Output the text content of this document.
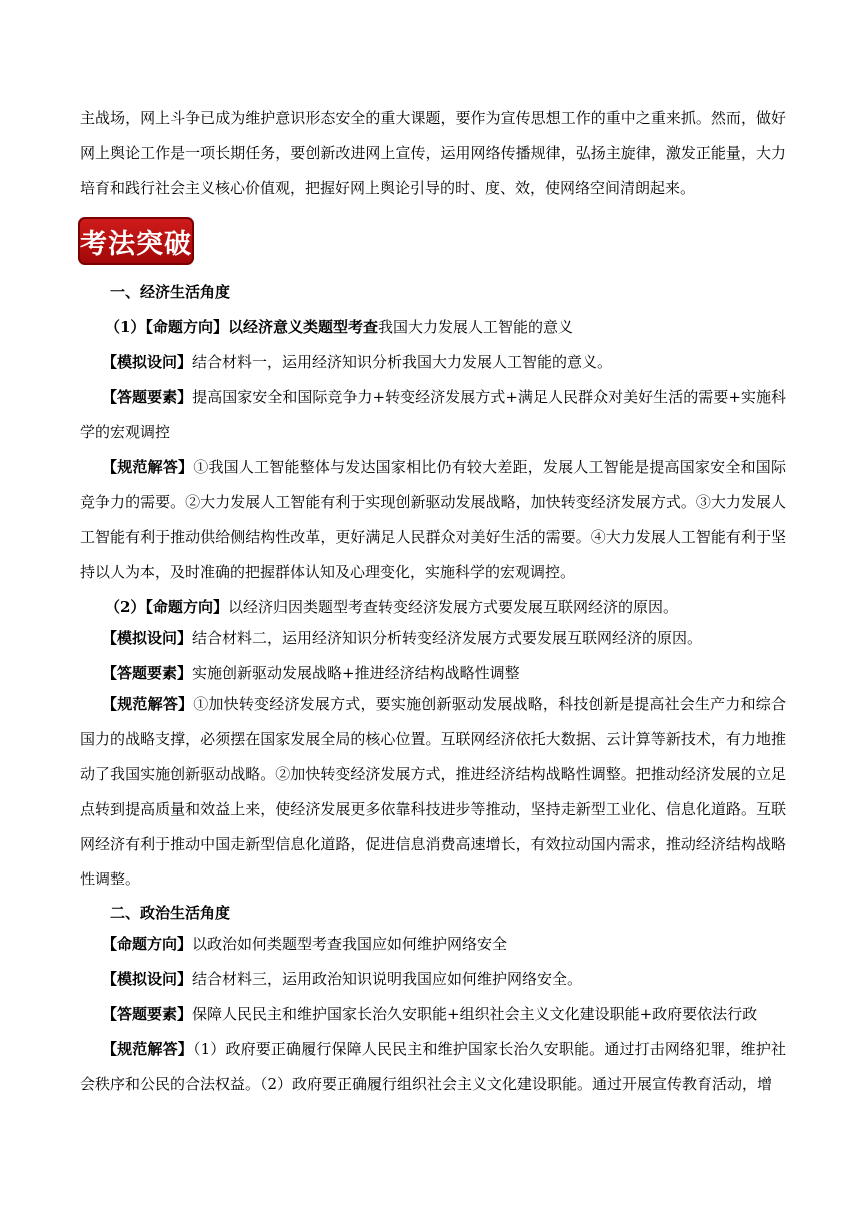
主战场，网上斗争已成为维护意识形态安全的重大课题，要作为宣传思想工作的重中之重来抓。然而，做好网上舆论工作是一项长期任务，要创新改进网上宣传，运用网络传播规律，弘扬主旋律，激发正能量，大力培育和践行社会主义核心价值观，把握好网上舆论引导的时、度、效，使网络空间清朗起来。

考法突破

一、经济生活角度

（1）【命题方向】以经济意义类题型考查我国大力发展人工智能的意义

【模拟设问】结合材料一，运用经济知识分析我国大力发展人工智能的意义。

【答题要素】提高国家安全和国际竞争力+转变经济发展方式+满足人民群众对美好生活的需要+实施科学的宏观调控

【规范解答】①我国人工智能整体与发达国家相比仍有较大差距，发展人工智能是提高国家安全和国际竞争力的需要。②大力发展人工智能有利于实现创新驱动发展战略，加快转变经济发展方式。③大力发展人工智能有利于推动供给侧结构性改革，更好满足人民群众对美好生活的需要。④大力发展人工智能有利于坚持以人为本，及时准确的把握群体认知及心理变化，实施科学的宏观调控。

（2）【命题方向】以经济归因类题型考查转变经济发展方式要发展互联网经济的原因。

【模拟设问】结合材料二，运用经济知识分析转变经济发展方式要发展互联网经济的原因。

【答题要素】实施创新驱动发展战略+推进经济结构战略性调整

【规范解答】①加快转变经济发展方式，要实施创新驱动发展战略，科技创新是提高社会生产力和综合国力的战略支撑，必须摆在国家发展全局的核心位置。互联网经济依托大数据、云计算等新技术，有力地推动了我国实施创新驱动战略。②加快转变经济发展方式，推进经济结构战略性调整。把推动经济发展的立足点转到提高质量和效益上来，使经济发展更多依靠科技进步等推动，坚持走新型工业化、信息化道路。互联网经济有利于推动中国走新型信息化道路，促进信息消费高速增长，有效拉动国内需求，推动经济结构战略性调整。

二、政治生活角度

【命题方向】以政治如何类题型考查我国应如何维护网络安全

【模拟设问】结合材料三，运用政治知识说明我国应如何维护网络安全。

【答题要素】保障人民民主和维护国家长治久安职能+组织社会主义文化建设职能+政府要依法行政

【规范解答】（1）政府要正确履行保障人民民主和维护国家长治久安职能。通过打击网络犯罪，维护社会秩序和公民的合法权益。（2）政府要正确履行组织社会主义文化建设职能。通过开展宣传教育活动，增
